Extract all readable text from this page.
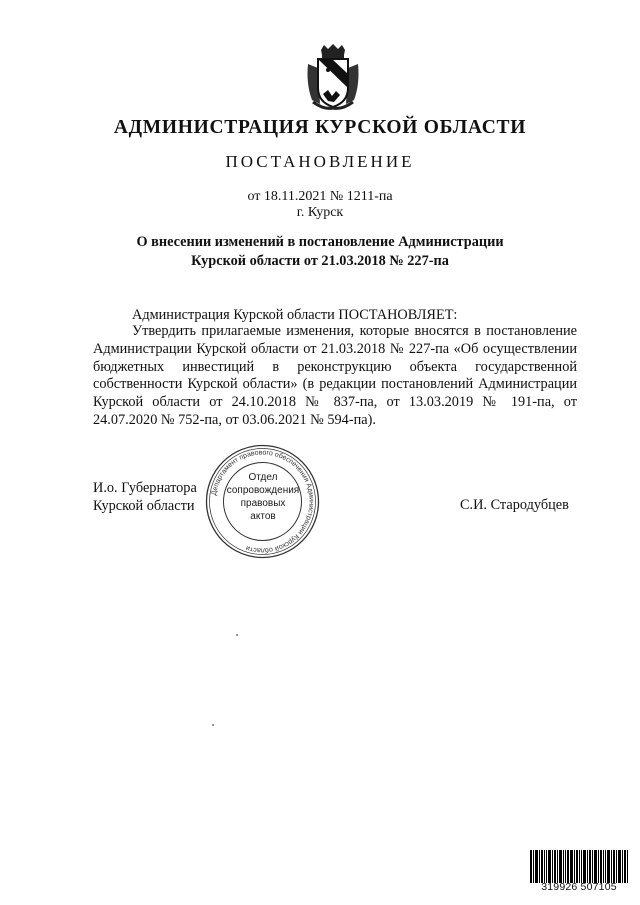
АДМИНИСТРАЦИЯ КУРСКОЙ ОБЛАСТИ
ПОСТАНОВЛЕНИЕ
от 18.11.2021 № 1211-па
г. Курск
О внесении изменений в постановление Администрации
Курской области от 21.03.2018 № 227-па
Администрация Курской области ПОСТАНОВЛЯЕТ:
Утвердить прилагаемые изменения, которые вносятся в постановление Администрации Курской области от 21.03.2018 № 227-па «Об осуществлении бюджетных инвестиций в реконструкцию объекта государственной собственности Курской области» (в редакции постановлений Администрации Курской области от 24.10.2018 № 837-па, от 13.03.2019 № 191-па, от 24.07.2020 № 752-па, от 03.06.2021 № 594-па).
И.о. Губернатора
Курской области	С.И. Стародубцев
Департамент правового обеспечения Администрации Курской области
Отдел
сопровождения
правовых
актов
319926 507105
